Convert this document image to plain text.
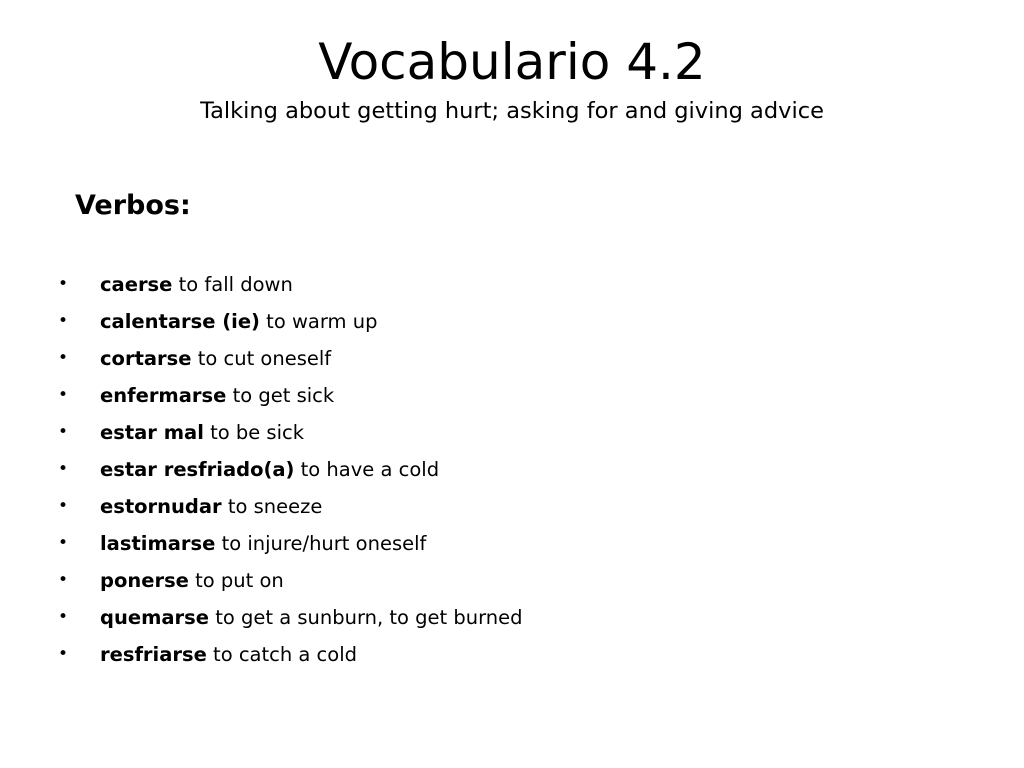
Vocabulario 4.2
Talking about getting hurt; asking for and giving advice
Verbos:
• caerse to fall down
• calentarse (ie) to warm up
• cortarse to cut oneself
• enfermarse to get sick
• estar mal to be sick
• estar resfriado(a) to have a cold
• estornudar to sneeze
• lastimarse to injure/hurt oneself
• ponerse to put on
• quemarse to get a sunburn, to get burned
• resfriarse to catch a cold
